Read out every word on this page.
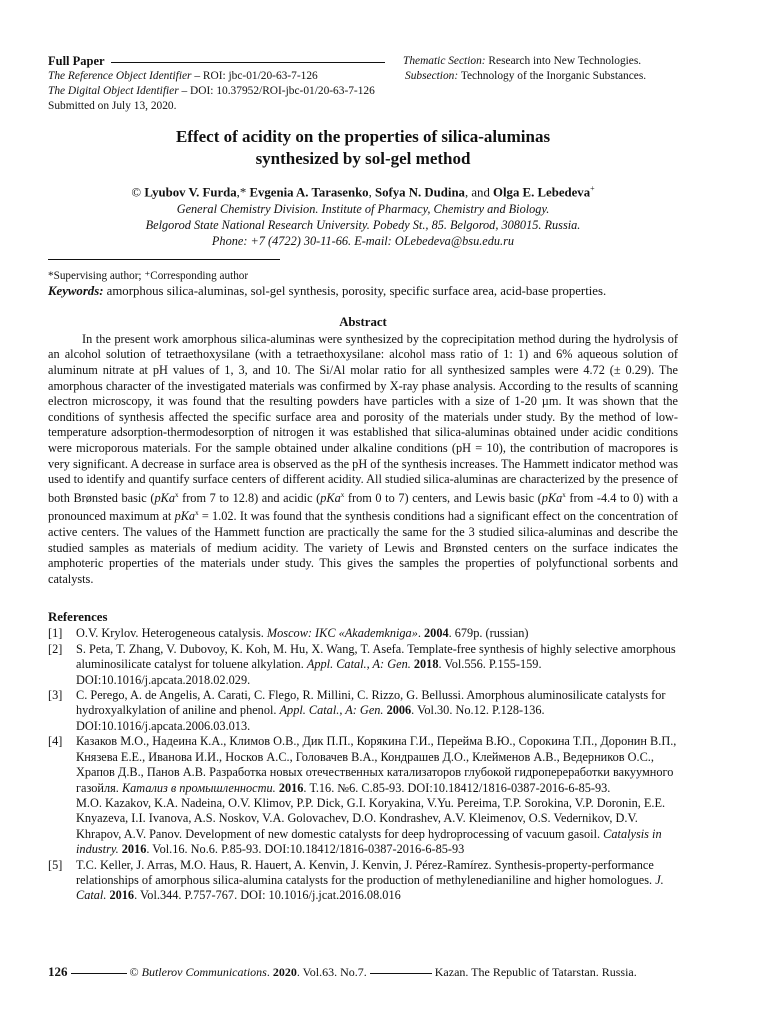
Full Paper	Thematic Section: Research into New Technologies.
The Reference Object Identifier – ROI: jbc-01/20-63-7-126	Subsection: Technology of the Inorganic Substances.
The Digital Object Identifier – DOI: 10.37952/ROI-jbc-01/20-63-7-126
Submitted on July 13, 2020.
Effect of acidity on the properties of silica-aluminas
synthesized by sol-gel method
© Lyubov V. Furda,* Evgenia A. Tarasenko, Sofya N. Dudina, and Olga E. Lebedeva+
General Chemistry Division. Institute of Pharmacy, Chemistry and Biology.
Belgorod State National Research University. Pobedy St., 85. Belgorod, 308015. Russia.
Phone: +7 (4722) 30-11-66. E-mail: OLebedeva@bsu.edu.ru
*Supervising author; ⁺Corresponding author
Keywords: amorphous silica-aluminas, sol-gel synthesis, porosity, specific surface area, acid-base properties.
Abstract

In the present work amorphous silica-aluminas were synthesized by the coprecipitation method during the hydrolysis of an alcohol solution of tetraethoxysilane (with a tetraethoxysilane: alcohol mass ratio of 1: 1) and 6% aqueous solution of aluminum nitrate at pH values of 1, 3, and 10. The Si/Al molar ratio for all synthesized samples were 4.72 (± 0.29). The amorphous character of the investigated materials was confirmed by X-ray phase analysis. According to the results of scanning electron microscopy, it was found that the resulting powders have particles with a size of 1-20 µm. It was shown that the conditions of synthesis affected the specific surface area and porosity of the materials under study. By the method of low-temperature adsorption-thermodesorption of nitrogen it was established that silica-aluminas obtained under acidic conditions were microporous materials. For the sample obtained under alkaline conditions (pH = 10), the contribution of macropores is very significant. A decrease in surface area is observed as the pH of the synthesis increases. The Hammett indicator method was used to identify and quantify surface centers of different acidity. All studied silica-aluminas are characterized by the presence of both Brønsted basic (pKa$^x$ from 7 to 12.8) and acidic (pKa$^x$ from 0 to 7) centers, and Lewis basic (pKa$^x$ from -4.4 to 0) with a pronounced maximum at pKa$^x$ = 1.02. It was found that the synthesis conditions had a significant effect on the concentration of active centers. The values of the Hammett function are practically the same for the 3 studied silica-aluminas and describe the studied samples as materials of medium acidity. The variety of Lewis and Brønsted centers on the surface indicates the amphoteric properties of the materials under study. This gives the samples the properties of polyfunctional sorbents and catalysts.

References
[1] O.V. Krylov. Heterogeneous catalysis. Moscow: IKC «Akademkniga». 2004. 679p. (russian)
[2] S. Peta, T. Zhang, V. Dubovoy, K. Koh, M. Hu, X. Wang, T. Asefa. Template-free synthesis of highly selective amorphous aluminosilicate catalyst for toluene alkylation. Appl. Catal., A: Gen. 2018. Vol.556. P.155-159. DOI:10.1016/j.apcata.2018.02.029.
[3] C. Perego, A. de Angelis, A. Carati, C. Flego, R. Millini, C. Rizzo, G. Bellussi. Amorphous aluminosilicate catalysts for hydroxyalkylation of aniline and phenol. Appl. Catal., A: Gen. 2006. Vol.30. No.12. P.128-136. DOI:10.1016/j.apcata.2006.03.013.
[4] Казаков М.О., Надеина К.А., Климов О.В., Дик П.П., Корякина Г.И., Перейма В.Ю., Сорокина Т.П., Доронин В.П., Князева Е.Е., Иванова И.И., Носков А.С., Головачев В.А., Кондрашев Д.О., Клейменов А.В., Ведерников О.С., Храпов Д.В., Панов А.В. Разработка новых отечественных катализаторов глубокой гидропереработки вакуумного газойля. Катализ в промышленности. 2016. Т.16. №6. С.85-93. DOI:10.18412/1816-0387-2016-6-85-93.
M.O. Kazakov, K.A. Nadeina, O.V. Klimov, P.P. Dick, G.I. Koryakina, V.Yu. Pereima, T.P. Sorokina, V.P. Doronin, E.E. Knyazeva, I.I. Ivanova, A.S. Noskov, V.A. Golovachev, D.O. Kondrashev, A.V. Kleimenov, O.S. Vedernikov, D.V. Khrapov, A.V. Panov. Development of new domestic catalysts for deep hydroprocessing of vacuum gasoil. Catalysis in industry. 2016. Vol.16. No.6. P.85-93. DOI:10.18412/1816-0387-2016-6-85-93
[5] T.C. Keller, J. Arras, M.O. Haus, R. Hauert, A. Kenvin, J. Kenvin, J. Pérez-Ramírez. Synthesis-property-performance relationships of amorphous silica-alumina catalysts for the production of methylenedianiline and higher homologues. J. Catal. 2016. Vol.344. P.757-767. DOI: 10.1016/j.jcat.2016.08.016
126	© Butlerov Communications. 2020. Vol.63. No.7.	Kazan. The Republic of Tatarstan. Russia.
